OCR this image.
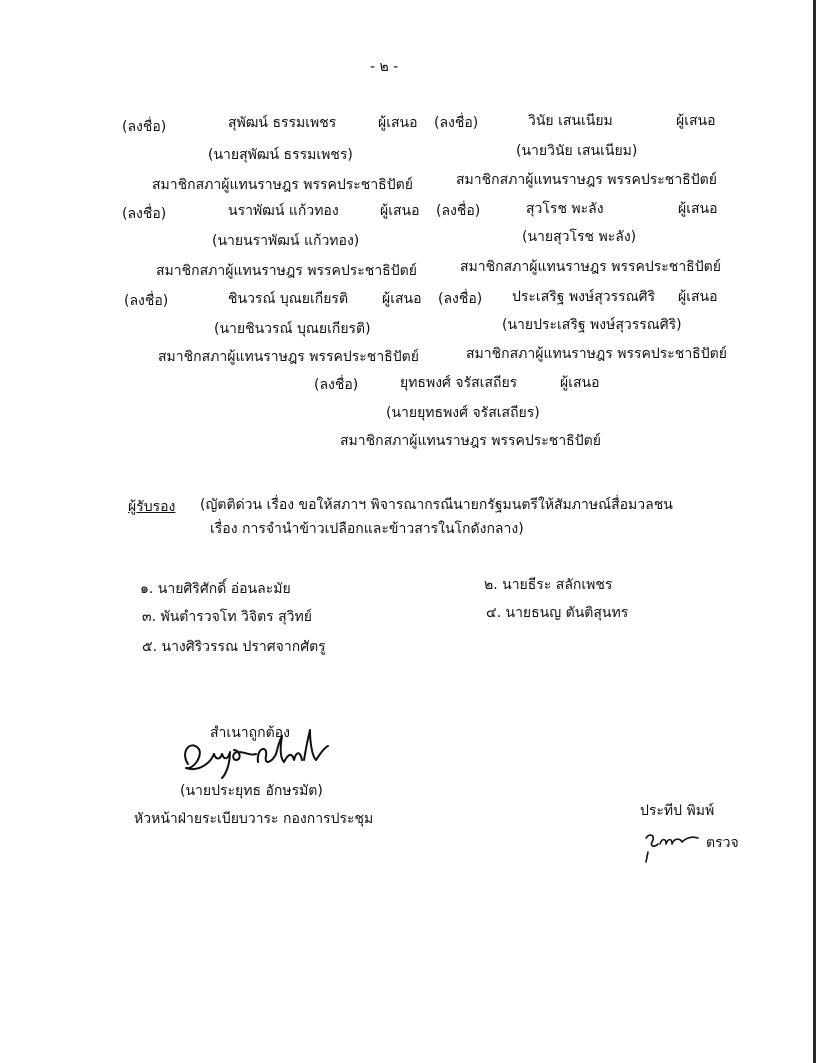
- ๒ -
(ลงชื่อ)	สุพัฒน์ ธรรมเพชร	ผู้เสนอ (ลงชื่อ)	วินัย เสนเนียม	ผู้เสนอ
(นายสุพัฒน์ ธรรมเพชร)	(นายวินัย เสนเนียม)
สมาชิกสภาผู้แทนราษฎร พรรคประชาธิปัตย์	สมาชิกสภาผู้แทนราษฎร พรรคประชาธิปัตย์
(ลงชื่อ)	นราพัฒน์ แก้วทอง	ผู้เสนอ (ลงชื่อ)	สุวโรช พะลัง	ผู้เสนอ
(นายนราพัฒน์ แก้วทอง)	(นายสุวโรช พะลัง)
สมาชิกสภาผู้แทนราษฎร พรรคประชาธิปัตย์	สมาชิกสภาผู้แทนราษฎร พรรคประชาธิปัตย์
(ลงชื่อ)	ชินวรณ์ บุณยเกียรติ ผู้เสนอ (ลงชื่อ) ประเสริฐ พงษ์สุวรรณศิริ ผู้เสนอ
(นายชินวรณ์ บุณยเกียรติ)	(นายประเสริฐ พงษ์สุวรรณศิริ)
สมาชิกสภาผู้แทนราษฎร พรรคประชาธิปัตย์	สมาชิกสภาผู้แทนราษฎร พรรคประชาธิปัตย์
(ลงชื่อ)	ยุทธพงศ์ จรัสเสถียร	ผู้เสนอ
(นายยุทธพงศ์ จรัสเสถียร)
สมาชิกสภาผู้แทนราษฎร พรรคประชาธิปัตย์
ผู้รับรอง (ญัตติด่วน เรื่อง ขอให้สภาฯ พิจารณากรณีนายกรัฐมนตรีให้สัมภาษณ์สื่อมวลชน
เรื่อง การจำนำข้าวเปลือกและข้าวสารในโกดังกลาง)
๑. นายศิริศักดิ์ อ่อนละมัย	๒. นายธีระ สลักเพชร
๓. พันตำรวจโท วิจิตร สุวิทย์	๔. นายธนญ ตันติสุนทร
๕. นางศิริวรรณ ปราศจากศัตรู
สำเนาถูกต้อง
(นายประยุทธ อักษรมัต)
หัวหน้าฝ่ายระเบียบวาระ กองการประชุม	ประทีป พิมพ์
ตรวจ
